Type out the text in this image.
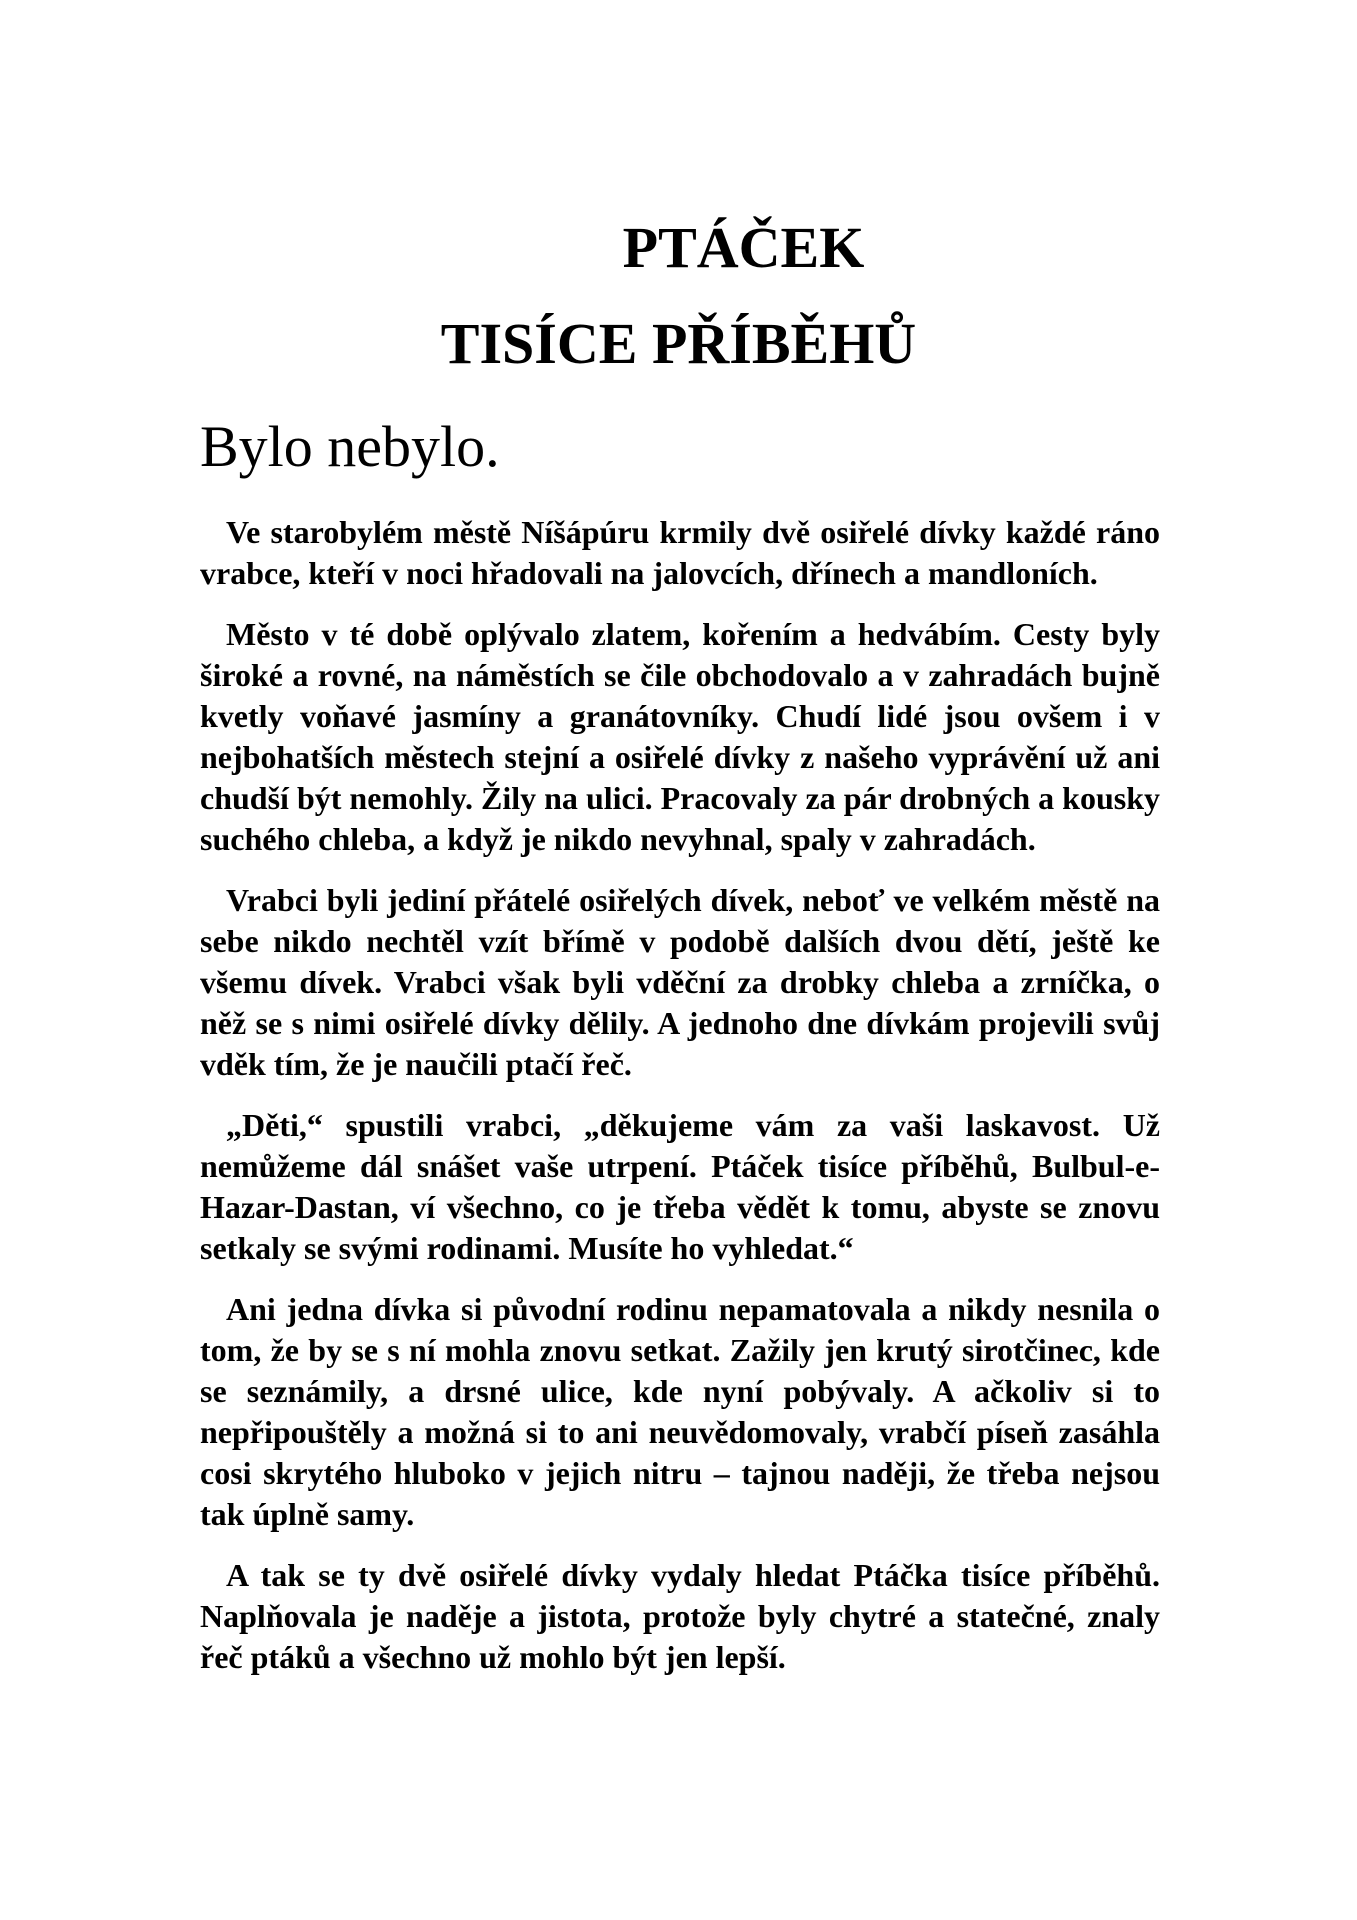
PTÁČEK
TISÍCE PŘÍBĚHŮ
Bylo nebylo.

Ve starobylém městě Níšápúru krmily dvě osiřelé dívky každé ráno vrabce, kteří v noci hřadovali na jalovcích, dřínech a mandloních.

Město v té době oplývalo zlatem, kořením a hedvábím. Cesty byly široké a rovné, na náměstích se čile obchodovalo a v zahradách bujně kvetly voňavé jasmíny a granátovníky. Chudí lidé jsou ovšem i v nejbohatších městech stejní a osiřelé dívky z našeho vyprávění už ani chudší být nemohly. Žily na ulici. Pracovaly za pár drobných a kousky suchého chleba, a když je nikdo nevyhnal, spaly v zahradách.

Vrabci byli jediní přátelé osiřelých dívek, neboť ve velkém městě na sebe nikdo nechtěl vzít břímě v podobě dalších dvou dětí, ještě ke všemu dívek. Vrabci však byli vděční za drobky chleba a zrníčka, o něž se s nimi osiřelé dívky dělily. A jednoho dne dívkám projevili svůj vděk tím, že je naučili ptačí řeč.

„Děti,“ spustili vrabci, „děkujeme vám za vaši laskavost. Už nemůžeme dál snášet vaše utrpení. Ptáček tisíce příběhů, Bulbul-e-Hazar-Dastan, ví všechno, co je třeba vědět k tomu, abyste se znovu setkaly se svými rodinami. Musíte ho vyhledat.“

Ani jedna dívka si původní rodinu nepamatovala a nikdy nesnila o tom, že by se s ní mohla znovu setkat. Zažily jen krutý sirotčinec, kde se seznámily, a drsné ulice, kde nyní pobývaly. A ačkoliv si to nepřipouštěly a možná si to ani neuvědomovaly, vrabčí píseň zasáhla cosi skrytého hluboko v jejich nitru – tajnou naději, že třeba nejsou tak úplně samy.

A tak se ty dvě osiřelé dívky vydaly hledat Ptáčka tisíce příběhů. Naplňovala je naděje a jistota, protože byly chytré a statečné, znaly řeč ptáků a všechno už mohlo být jen lepší.
